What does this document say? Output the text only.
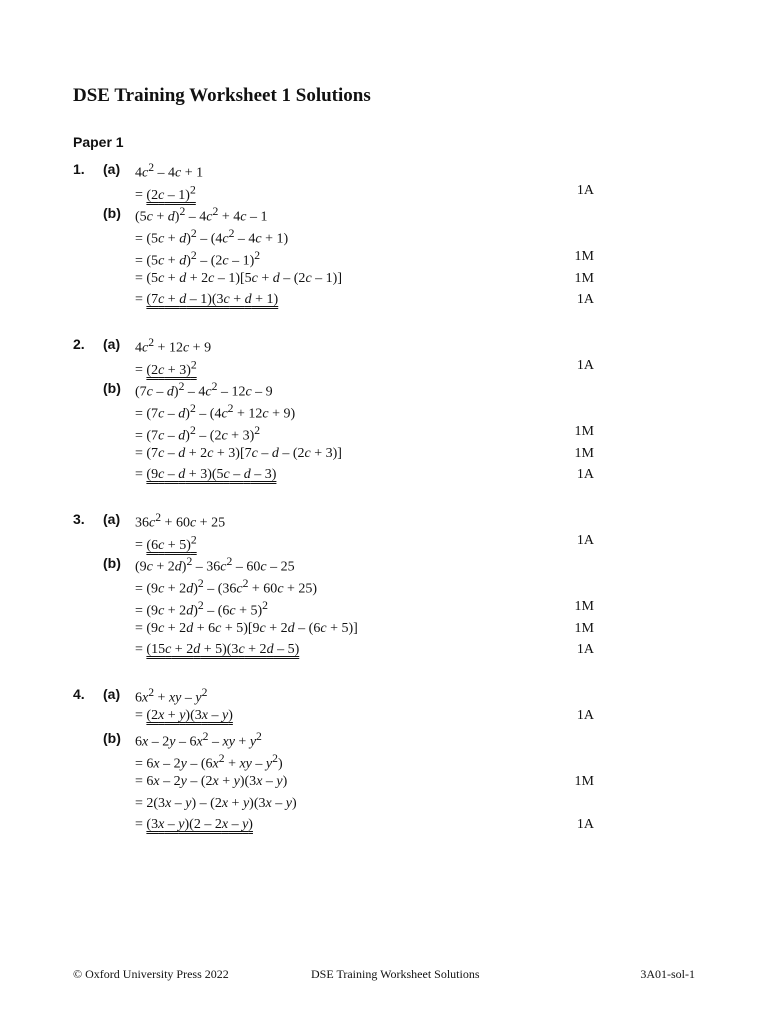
DSE Training Worksheet 1 Solutions
Paper 1
1. (a) $4c^2 - 4c + 1$
= (2c – 1)$^2$	1A
(b) $(5c + d)^2 - 4c^2 + 4c - 1$
= $(5c + d)^2 - (4c^2 - 4c + 1)$
= $(5c + d)^2 - (2c - 1)^2$	1M
= (5c + d + 2c – 1)[5c + d – (2c – 1)]	1M
= (7c + d – 1)(3c + d + 1)	1A
2. (a) $4c^2 + 12c + 9$
= $(2c + 3)^2$	1A
(b) $(7c - d)^2 - 4c^2 - 12c - 9$
= $(7c - d)^2 - (4c^2 + 12c + 9)$
= $(7c - d)^2 - (2c + 3)^2$	1M
= (7c – d + 2c + 3)[7c – d – (2c + 3)]	1M
= (9c – d + 3)(5c – d – 3)	1A
3. (a) $36c^2 + 60c + 25$
= $(6c + 5)^2$	1A
(b) $(9c + 2d)^2 - 36c^2 - 60c - 25$
= $(9c + 2d)^2 - (36c^2 + 60c + 25)$
= $(9c + 2d)^2 - (6c + 5)^2$	1M
= (9c + 2d + 6c + 5)[9c + 2d – (6c + 5)]	1M
= (15c + 2d + 5)(3c + 2d – 5)	1A
4. (a) $6x^2$ + xy – $y^2$
= (2x + y)(3x – y)	1A
(b) $6x - 2y - 6x^2$ – xy + $y^2$
= $6x - 2y - (6x^2$ + xy – $y^2$)
= 6x – 2y – (2x + y)(3x – y)	1M
= 2(3x – y) – (2x + y)(3x – y)
= (3x – y)(2 – 2x – y)	1A
© Oxford University Press 2022	DSE Training Worksheet Solutions	3A01-sol-1
